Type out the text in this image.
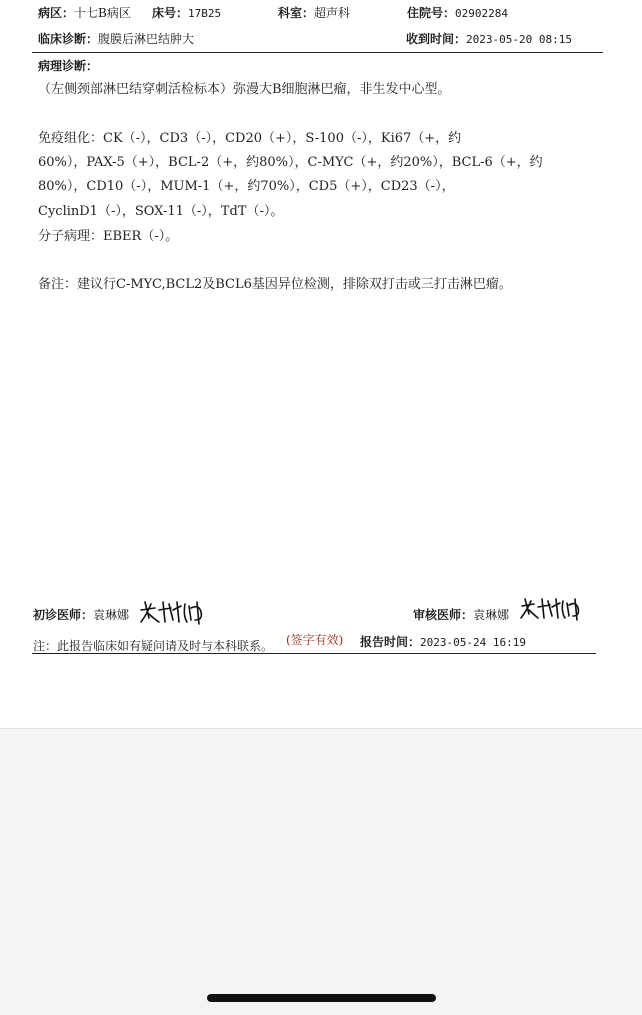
病区：十七B病区 床号：17B25	科室：超声科	住院号：02902284
临床诊断：腹膜后淋巴结肿大	收到时间：2023-05-20 08:15
病理诊断：
（左侧颈部淋巴结穿刺活检标本）弥漫大B细胞淋巴瘤，非生发中心型。
免疫组化：CK（-），CD3（-），CD20（+），S-100（-），Ki67（+，约
60%），PAX-5（+），BCL-2（+，约80%），C-MYC（+，约20%），BCL-6（+，约
80%），CD10（-），MUM-1（+，约70%），CD5（+），CD23（-），
CyclinD1（-），SOX-11（-），TdT（-）。
分子病理：EBER（-）。
备注：建议行C-MYC,BCL2及BCL6基因异位检测，排除双打击或三打击淋巴瘤。
初诊医师：袁琳娜	审核医师：袁琳娜
注：此报告临床如有疑问请及时与本科联系。 (签字有效) 报告时间：2023-05-24 16:19
